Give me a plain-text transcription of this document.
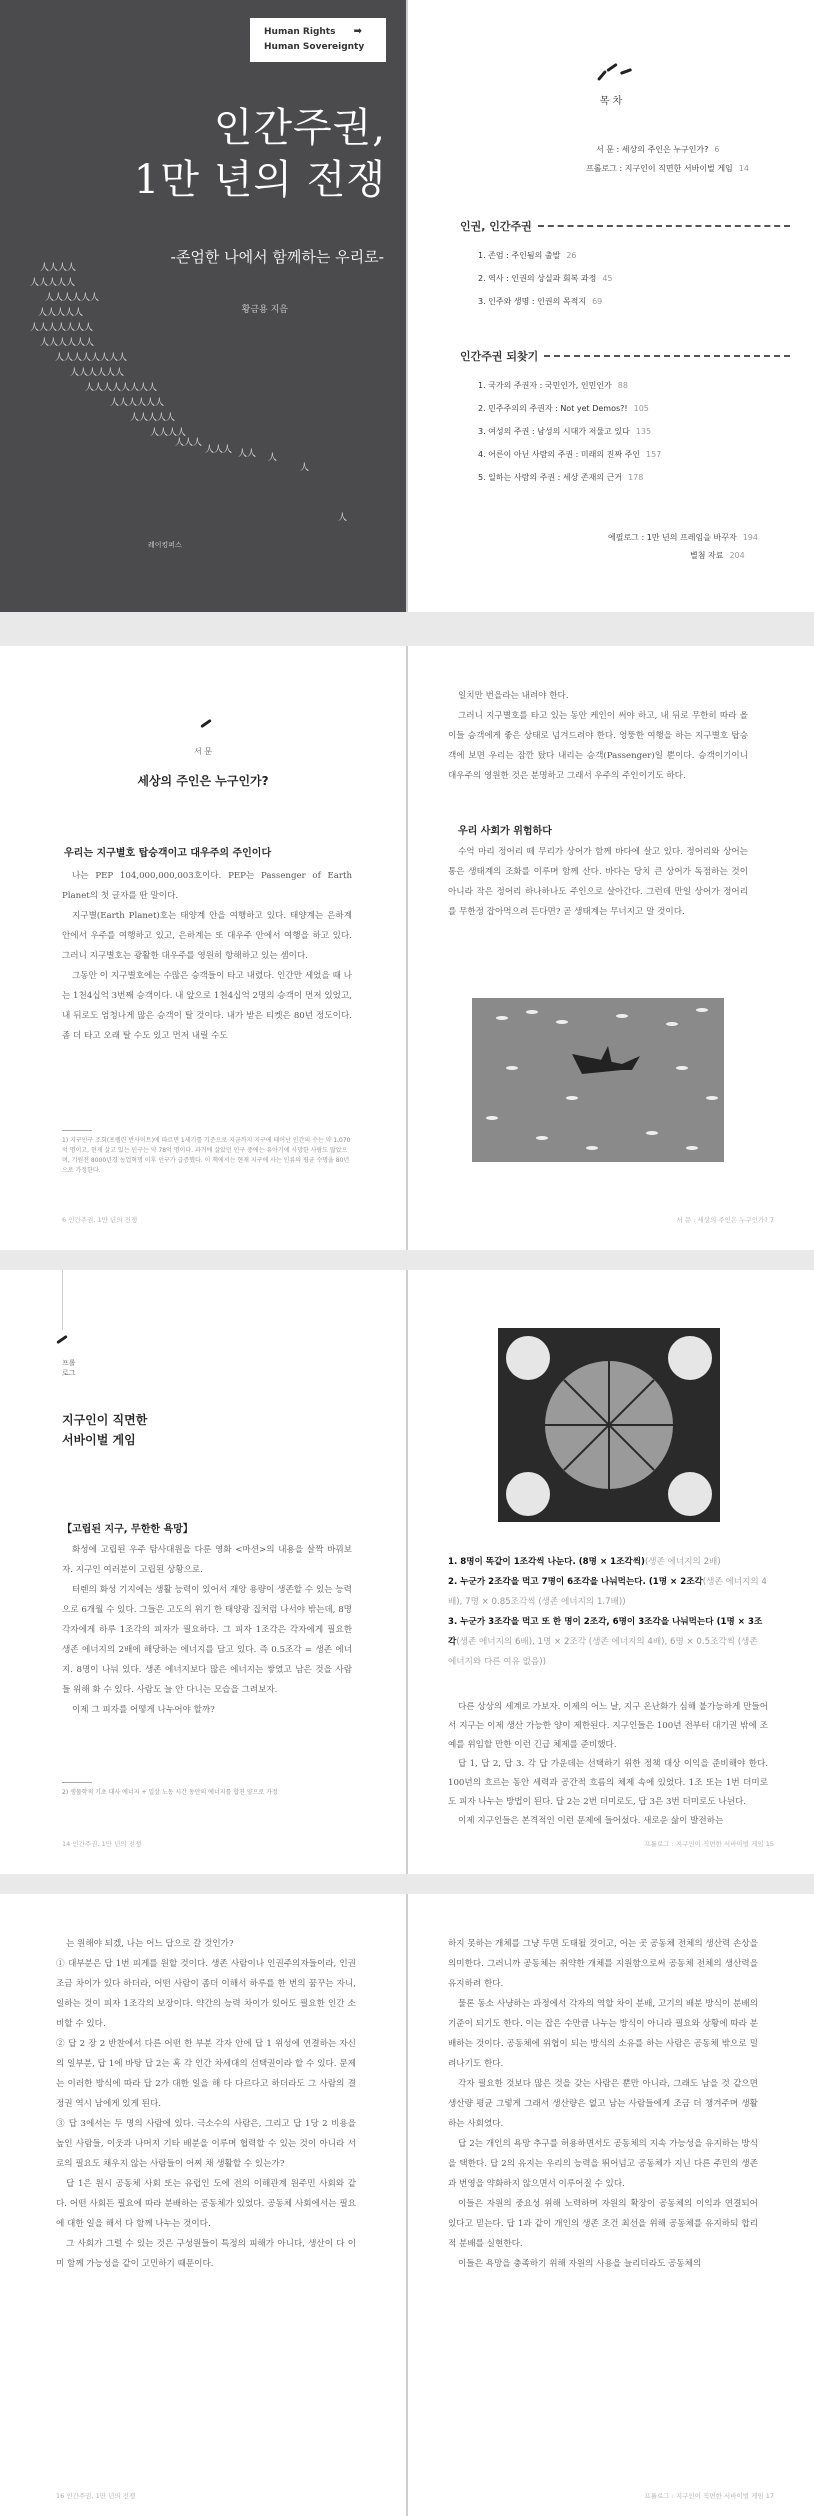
Human Rights
Human Sovereignty
➡
인간주권,
1만 년의 전쟁
-존엄한 나에서 함께하는 우리로-
황금용 지음
人人人人
人人人人人
人人人人人人
人人人人人
人人人人人人人
人人人人人人
人人人人人人人人
人人人人人人
人人人人人人人人
人人人人人人
人人人人人
人人人人
人人人
人人人 人人 人
人
人
레이킹퍼스
목 차
서 문 : 세상의 주인은 누구인가? 6
프롤로그 : 지구인이 직면한 서바이벌 게임 14
인권, 인간주권
1. 존엄 : 주인됨의 출발 26
2. 역사 : 인권의 상실과 회복 과정 45
3. 인주와 생명 : 인권의 목적지 69
인간주권 되찾기
1. 국가의 주권자 : 국민인가, 인민인가 88
2. 민주주의의 주권자 : Not yet Demos?! 105
3. 여성의 주권 : 남성의 시대가 저물고 있다 135
4. 어른이 아닌 사람의 주권 : 미래의 진짜 주인 157
5. 일하는 사람의 주권 : 세상 존재의 근거 178
에필로그 : 1만 년의 프레임을 바꾸자 194
별첨 자료 204
서 문
세상의 주인은 누구인가?
우리는 지구별호 탑승객이고 대우주의 주인이다

나는 PEP 104,000,000,003호이다. PEP는 Passenger of Earth Planet의 첫 글자를 딴 말이다.

지구별(Earth Planet)호는 태양계 안을 여행하고 있다. 태양계는 은하계 안에서 우주를 여행하고 있고, 은하계는 또 대우주 안에서 여행을 하고 있다. 그러니 지구별호는 광활한 대우주를 영원히 항해하고 있는 셈이다.

그동안 이 지구별호에는 수많은 승객들이 타고 내렸다. 인간만 세었을 때 나는 1천4십억 3번째 승객이다. 내 앞으로 1천4십억 2명의 승객이 먼저 있었고, 내 뒤로도 엄청나게 많은 승객이 탈 것이다. 내가 받은 티켓은 80년 정도이다. 좀 더 타고 오래 탈 수도 있고 먼저 내릴 수도

1) 지구인구 조회(프렐린 반사이트)에 따르면 1세기를 기준으로 지금까지 지구에 태어난 인간의 수는 약 1,070억 명이고, 현재 살고 있는 인구는 약 78억 명이다. 과거에 살았던 인구 중에는 유아기에 사망한 사람도 많았으며, 기원전 8000년경 농업혁명 이후 인구가 급증했다. 이 책에서는 현재 지구에 사는 인류의 평균 수명을 80년으로 가정한다.
6 인간주권, 1만 년의 전쟁

일치만 번을라는 내려야 한다.

그러니 지구별호를 타고 있는 동안 케인이 써야 하고, 내 뒤로 무한히 따라 올 이들 승객에게 좋은 상태로 넘겨드려야 한다. 엉뚱한 여행을 하는 지구별호 탑승객에 보면 우리는 잠깐 탔다 내리는 승객(Passenger)일 뿐이다. 승객이기이니 대우주의 영원한 것은 분명하고 그래서 우주의 주인이기도 하다.

우리 사회가 위험하다

수억 마리 정어리 떼 무리가 상어가 함께 바다에 살고 있다. 정어리와 상어는 통은 생태계의 조화를 이루며 함께 산다. 바다는 당치 큰 상어가 독점하는 것이 아니라 작은 정어리 하나하나도 주인으로 살아간다. 그런데 만일 상어가 정어리를 무한정 잡아먹으려 든다면? 곧 생태계는 무너지고 말 것이다.

서 문 : 세상의 주인은 누구인가? 7
프롤
로그
지구인이 직면한
서바이벌 게임
【고립된 지구, 무한한 욕망】

화성에 고립된 우주 탐사대원을 다룬 영화 <마션>의 내용을 살짝 바꿔보자. 지구인 여러분이 고립된 상황으로.

터렌의 화성 기지에는 생활 능력이 있어서 재앙 용량이 생존할 수 있는 능력으로 6개월 수 있다. 그들은 고도의 위기 한 태양광 집처럼 나서야 밖는데, 8명 각자에게 하루 1조각의 피자가 필요하다. 그 피자 1조각은 각자에게 필요한 생존 에너지의 2배에 해당하는 에너지를 담고 있다. 즉 0.5조각 = 생존 에너지. 8명이 나눠 있다. 생존 에너지보다 많은 에너지는 쌓였고 남은 것을 사람들 위해 화 수 있다. 사람도 늘 안 다니는 모습을 그려보자.

이제 그 피자를 어떻게 나누어야 할까?

2) 생물학적 기초 대사 에너지 + 일상 노동 시간 동안의 에너지를 합친 양으로 가정
14 인간주권, 1만 년의 전쟁
1. 8명이 똑같이 1조각씩 나눈다. (8명 × 1조각씩)(생존 에너지의 2배)
2. 누군가 2조각을 먹고 7명이 6조각을 나눠먹는다. (1명 × 2조각(생존 에너지의 4배), 7명 × 0.85조각씩 (생존 에너지의 1.7배))
3. 누군가 3조각을 먹고 또 한 명이 2조각, 6명이 3조각을 나눠먹는다 (1명 × 3조각(생존 에너지의 6배), 1명 × 2조각 (생존 에너지의 4배), 6명 × 0.5조각씩 (생존 에너지와 다른 여유 없음))

다른 상상의 세계로 가보자. 이제의 어느 날, 지구 온난화가 심해 불가능하게 만들어서 지구는 이제 생산 가능한 양이 제한된다. 지구인들은 100년 전부터 대기권 밖에 조예를 위임할 만한 이런 긴급 체제를 준비했다.

답 1, 답 2, 답 3. 각 답 가운데는 선택하기 위한 정책 대상 이익을 준비해야 한다. 100년의 흐르는 동안 세력과 공간적 흐름의 체제 속에 있었다. 1조 또는 1번 더미로도 피자 나누는 방법이 된다. 답 2는 2번 더미로도, 답 3은 3번 더미로도 나뉜다.

이제 지구인들은 본격적인 이런 문제에 들어섰다. 새로운 삶이 발전하는

프롤로그 : 지구인이 직면한 서바이벌 게임 15

는 원해야 되겠, 나는 어느 답으로 갈 것인가?

① 대부분은 답 1번 피게를 원할 것이다. 생존 사람이나 인권주의자들이라, 인권 조금 차이가 있다 하더라, 어떤 사람이 좀더 이해서 하루를 한 번의 꿈꾸는 자니, 일하는 것이 피자 1조각의 보장이다. 약간의 능력 차이가 있어도 필요한 인간 소비할 수 있다.

② 답 2 장 2 반찬에서 다른 어떤 한 부분 각자 안에 답 1 위성에 연결하는 자신의 일부분, 답 1에 바탕 답 2는 혹 각 인간 차세대의 선택권이라 할 수 있다. 문제는 이러한 방식에 따라 답 2가 대한 일을 해 다 다르다고 하더라도 그 사람의 결정권 역시 남에게 있게 된다.

③ 답 3에서는 두 명의 사람에 있다. 극소수의 사람은, 그리고 답 1당 2 비용을 높인 사람들, 이웃과 나머지 기타 배분을 이루며 협력할 수 있는 것이 아니라 서로의 필요도 채우지 않는 사람들이 어찌 채 생활할 수 있는가?

답 1은 원시 공동체 사회 또는 유럽인 도에 전의 이해관계 원주민 사회와 같다. 어떤 사회든 필요에 따라 분배하는 공동체가 있었다. 공동체 사회에서는 필요에 대한 일을 해서 다 함께 나누는 것이다.

그 사회가 그럴 수 있는 것은 구성원들이 특정의 피해가 아니다, 생산이 다 이미 함께 가능성을 같이 고민하기 때문이다.

16 인간주권, 1만 년의 전쟁

하지 못하는 개체를 그냥 두면 도태될 것이고, 어는 곳 공동체 전체의 생산력 손상을 의미한다. 그러니까 공동체는 취약한 개체를 지원함으로써 공동체 전체의 생산력을 유지하려 한다.

물론 동소 사냥하는 과정에서 각자의 역할 차이 분배, 고기의 배분 방식이 분배의 기준이 되기도 한다. 이는 잡은 수만큼 나누는 방식이 아니라 필요와 상황에 따라 분배하는 것이다. 공동체에 위협이 되는 방식의 소유를 하는 사람은 공동체 밖으로 밀려나기도 한다.

각자 필요한 것보다 많은 것을 갖는 사람은 뿐만 아니라, 그래도 남을 것 같으면 생산량 평균 그렇게 그래서 생산량은 없고 남는 사람들에게 조금 더 챙겨주며 생활하는 사회였다.

답 2는 개인의 욕망 추구를 허용하면서도 공동체의 지속 가능성을 유지하는 방식을 택한다. 답 2의 유지는 우리의 능력을 뛰어넘고 공동체가 지닌 다른 주민의 생존과 번영을 약화하지 않으면서 이루어질 수 있다.

이들은 자원의 중요성 위해 노력하며 자원의 확장이 공동체의 이익과 연결되어 있다고 믿는다. 답 1과 같이 개인의 생존 조건 최선을 위해 공동체를 유지하되 합리적 분배를 실현한다.

이들은 욕망을 충족하기 위해 자원의 사용을 늘리더라도 공동체의

프롤로그 : 지구인이 직면한 서바이벌 게임 17
